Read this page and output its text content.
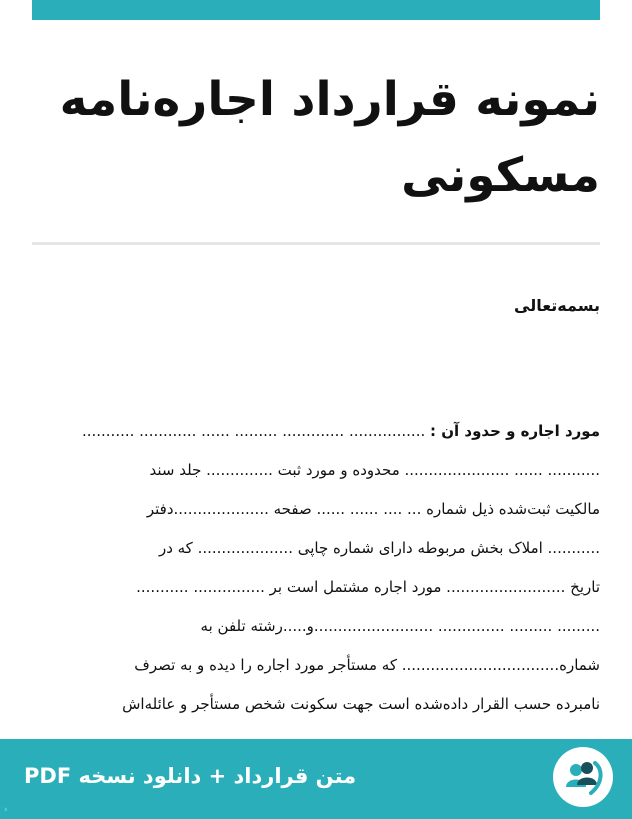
نمونه قرارداد اجاره‌نامه مسکونی
بسمه‌تعالی
مورد اجاره و حدود آن : ................ ............. ......... ...... ............ ...........
........... ...... ...................... محدوده و مورد ثبت .............. جلد سند
مالکیت ثبت‌شده ذیل شماره ... .... ...... ...... صفحه ....................دفتر
........... املاک بخش مربوطه دارای شماره چاپی .................... که در
تاریخ ......................... مورد اجاره مشتمل است بر ............... ...........
......... ......... .............. .........................و.....رشته تلفن به
شماره................................. که مستأجر مورد اجاره را دیده و به تصرف
نامبرده حسب القرار داده‌شده است جهت سکونت شخص مستأجر و عائله‌اش
متن قرارداد + دانلود نسخه PDF
›
